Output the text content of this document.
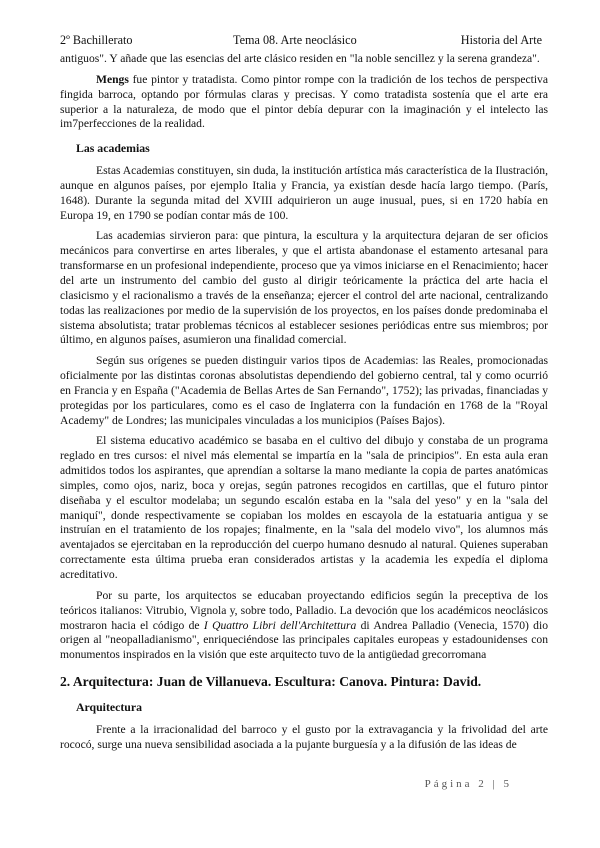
2º Bachillerato	Tema 08. Arte neoclásico	Historia del Arte

antiguos". Y añade que las esencias del arte clásico residen en "la noble sencillez y la serena grandeza".

Mengs fue pintor y tratadista. Como pintor rompe con la tradición de los techos de perspectiva fingida barroca, optando por fórmulas claras y precisas. Y como tratadista sostenía que el arte era superior a la naturaleza, de modo que el pintor debía depurar con la imaginación y el intelecto las im7perfecciones de la realidad.

Las academias

Estas Academias constituyen, sin duda, la institución artística más característica de la Ilustración, aunque en algunos países, por ejemplo Italia y Francia, ya existían desde hacía largo tiempo. (París, 1648). Durante la segunda mitad del XVIII adquirieron un auge inusual, pues, si en 1720 había en Europa 19, en 1790 se podían contar más de 100.

Las academias sirvieron para: que pintura, la escultura y la arquitectura dejaran de ser oficios mecánicos para convertirse en artes liberales, y que el artista abandonase el estamento artesanal para transformarse en un profesional independiente, proceso que ya vimos iniciarse en el Renacimiento; hacer del arte un instrumento del cambio del gusto al dirigir teóricamente la práctica del arte hacia el clasicismo y el racionalismo a través de la enseñanza; ejercer el control del arte nacional, centralizando todas las realizaciones por medio de la supervisión de los proyectos, en los países donde predominaba el sistema absolutista; tratar problemas técnicos al establecer sesiones periódicas entre sus miembros; por último, en algunos países, asumieron una finalidad comercial.

Según sus orígenes se pueden distinguir varios tipos de Academias: las Reales, promocionadas oficialmente por las distintas coronas absolutistas dependiendo del gobierno central, tal y como ocurrió en Francia y en España ("Academia de Bellas Artes de San Fernando", 1752); las privadas, financiadas y protegidas por los particulares, como es el caso de Inglaterra con la fundación en 1768 de la "Royal Academy" de Londres; las municipales vinculadas a los municipios (Países Bajos).

El sistema educativo académico se basaba en el cultivo del dibujo y constaba de un programa reglado en tres cursos: el nivel más elemental se impartía en la "sala de principios". En esta aula eran admitidos todos los aspirantes, que aprendían a soltarse la mano mediante la copia de partes anatómicas simples, como ojos, nariz, boca y orejas, según patrones recogidos en cartillas, que el futuro pintor diseñaba y el escultor modelaba; un segundo escalón estaba en la "sala del yeso" y en la "sala del maniquí", donde respectivamente se copiaban los moldes en escayola de la estatuaria antigua y se instruían en el tratamiento de los ropajes; finalmente, en la "sala del modelo vivo", los alumnos más aventajados se ejercitaban en la reproducción del cuerpo humano desnudo al natural. Quienes superaban correctamente esta última prueba eran considerados artistas y la academia les expedía el diploma acreditativo.

Por su parte, los arquitectos se educaban proyectando edificios según la preceptiva de los teóricos italianos: Vitrubio, Vignola y, sobre todo, Palladio. La devoción que los académicos neoclásicos mostraron hacia el código de I Quattro Libri dell'Architettura di Andrea Palladio (Venecia, 1570) dio origen al "neopalladianismo", enriqueciéndose las principales capitales europeas y estadounidenses con monumentos inspirados en la visión que este arquitecto tuvo de la antigüedad grecorromana

2. Arquitectura: Juan de Villanueva. Escultura: Canova. Pintura: David.
Arquitectura

Frente a la irracionalidad del barroco y el gusto por la extravagancia y la frivolidad del arte rococó, surge una nueva sensibilidad asociada a la pujante burguesía y a la difusión de las ideas de

Página 2 | 5
